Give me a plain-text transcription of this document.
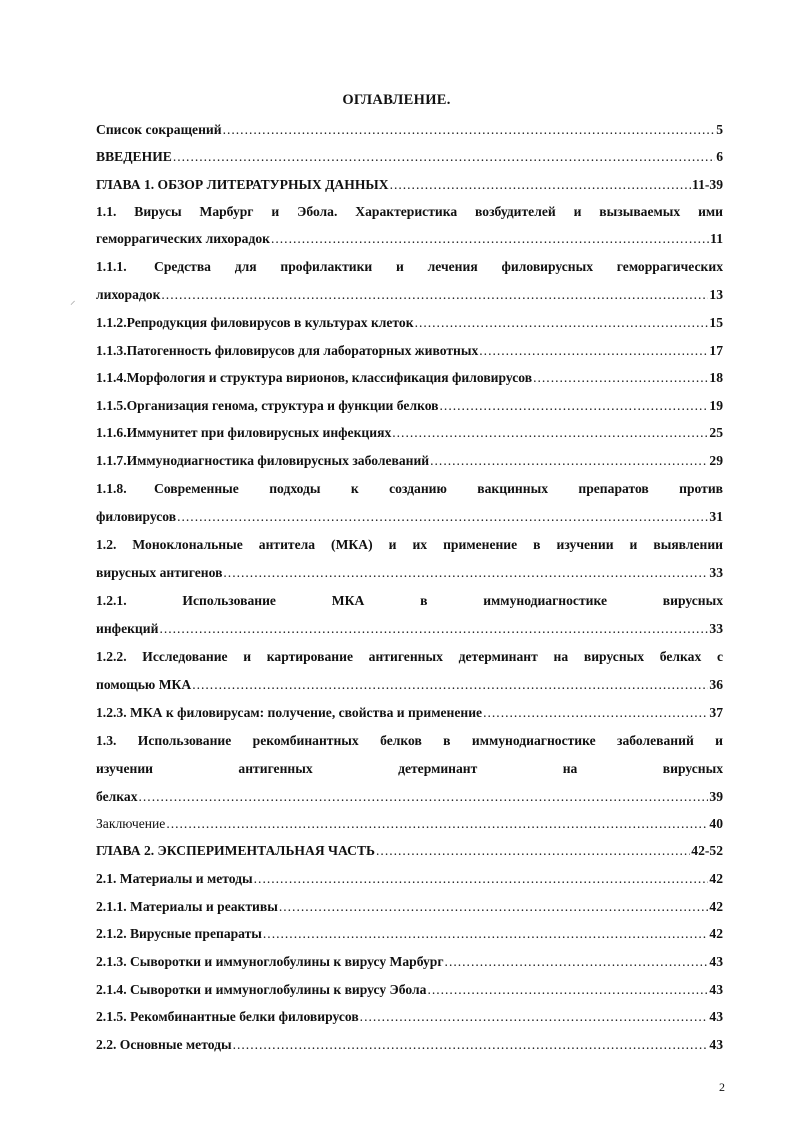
ОГЛАВЛЕНИЕ.
Список сокращений .....	5
ВВЕДЕНИЕ .....	6
ГЛАВА 1. ОБЗОР ЛИТЕРАТУРНЫХ ДАННЫХ .....	11-39
1.1. Вирусы Марбург и Эбола. Характеристика возбудителей и вызываемых ими
геморрагических лихорадок .....	11
1.1.1.	Средства для профилактики и лечения филовирусных геморрагических
лихорадок .....	13
1.1.2. Репродукция филовирусов в культурах клеток .....	15
1.1.3. Патогенность филовирусов для лабораторных животных .....	17
1.1.4. Морфология и структура вирионов, классификация филовирусов .....	18
1.1.5. Организация генома, структура и функции белков .....	19
1.1.6. Иммунитет при филовирусных инфекциях .....	25
1.1.7. Иммунодиагностика филовирусных заболеваний .....	29
1.1.8.	Современные подходы к созданию вакцинных препаратов против
филовирусов .....	31
1.2. Моноклональные антитела (МКА) и их применение в изучении и выявлении
вирусных антигенов .....	33
1.2.1. Использование МКА в иммунодиагностике вирусных
инфекций .....	33
1.2.2. Исследование и картирование антигенных детерминант на вирусных белках с
помощью МКА .....	36
1.2.3. МКА к филовирусам: получение, свойства и применение .....	37
1.3. Использование рекомбинантных белков в иммунодиагностике заболеваний и
изучении антигенных детерминант на вирусных
белках .....	39
Заключение .....	40
ГЛАВА 2. ЭКСПЕРИМЕНТАЛЬНАЯ ЧАСТЬ .....	42-52
2.1. Материалы и методы .....	42
2.1.1. Материалы и реактивы .....	42
2.1.2. Вирусные препараты .....	42
2.1.3. Сыворотки и иммуноглобулины к вирусу Марбург .....	43
2.1.4. Сыворотки и иммуноглобулины к вирусу Эбола .....	43
2.1.5. Рекомбинантные белки филовирусов .....	43
2.2. Основные методы .....	43
⸝
2
